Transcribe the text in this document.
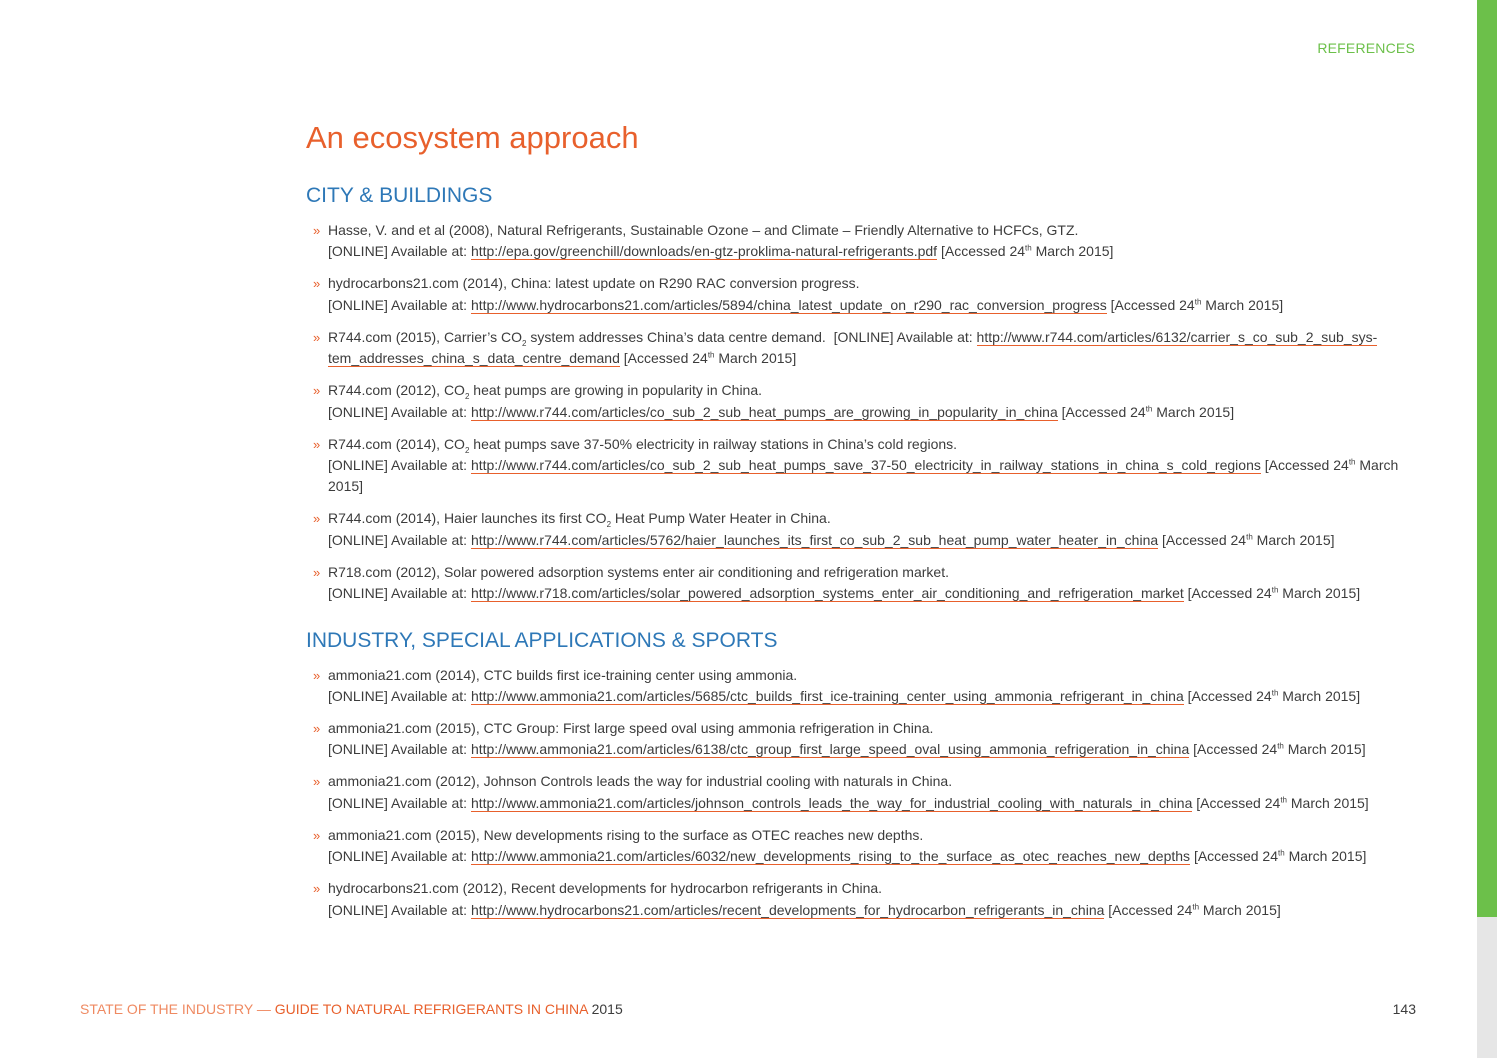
REFERENCES
An ecosystem approach
CITY & BUILDINGS
» Hasse, V. and et al (2008), Natural Refrigerants, Sustainable Ozone – and Climate – Friendly Alternative to HCFCs, GTZ.
[ONLINE] Available at: http://epa.gov/greenchill/downloads/en-gtz-proklima-natural-refrigerants.pdf [Accessed 24th March 2015]
» hydrocarbons21.com (2014), China: latest update on R290 RAC conversion progress.
[ONLINE] Available at: http://www.hydrocarbons21.com/articles/5894/china_latest_update_on_r290_rac_conversion_progress [Accessed 24th March 2015]
» R744.com (2015), Carrier’s $CO_2$ system addresses China’s data centre demand. [ONLINE] Available at: http://www.r744.com/articles/6132/carrier_s_co_sub_2_sub_sys-tem_addresses_china_s_data_centre_demand [Accessed 24th March 2015]
» R744.com (2012), $CO_2$ heat pumps are growing in popularity in China.
[ONLINE] Available at: http://www.r744.com/articles/co_sub_2_sub_heat_pumps_are_growing_in_popularity_in_china [Accessed 24th March 2015]
» R744.com (2014), $CO_2$ heat pumps save 37-50% electricity in railway stations in China’s cold regions.
[ONLINE] Available at: http://www.r744.com/articles/co_sub_2_sub_heat_pumps_save_37-50_electricity_in_railway_stations_in_china_s_cold_regions [Accessed 24th March 2015]
» R744.com (2014), Haier launches its first $CO_2$ Heat Pump Water Heater in China.
[ONLINE] Available at: http://www.r744.com/articles/5762/haier_launches_its_first_co_sub_2_sub_heat_pump_water_heater_in_china [Accessed 24th March 2015]
» R718.com (2012), Solar powered adsorption systems enter air conditioning and refrigeration market.
[ONLINE] Available at: http://www.r718.com/articles/solar_powered_adsorption_systems_enter_air_conditioning_and_refrigeration_market [Accessed 24th March 2015]
INDUSTRY, SPECIAL APPLICATIONS & SPORTS
» ammonia21.com (2014), CTC builds first ice-training center using ammonia.
[ONLINE] Available at: http://www.ammonia21.com/articles/5685/ctc_builds_first_ice-training_center_using_ammonia_refrigerant_in_china [Accessed 24th March 2015]
» ammonia21.com (2015), CTC Group: First large speed oval using ammonia refrigeration in China.
[ONLINE] Available at: http://www.ammonia21.com/articles/6138/ctc_group_first_large_speed_oval_using_ammonia_refrigeration_in_china [Accessed 24th March 2015]
» ammonia21.com (2012), Johnson Controls leads the way for industrial cooling with naturals in China.
[ONLINE] Available at: http://www.ammonia21.com/articles/johnson_controls_leads_the_way_for_industrial_cooling_with_naturals_in_china [Accessed 24th March 2015]
» ammonia21.com (2015), New developments rising to the surface as OTEC reaches new depths.
[ONLINE] Available at: http://www.ammonia21.com/articles/6032/new_developments_rising_to_the_surface_as_otec_reaches_new_depths [Accessed 24th March 2015]
» hydrocarbons21.com (2012), Recent developments for hydrocarbon refrigerants in China.
[ONLINE] Available at: http://www.hydrocarbons21.com/articles/recent_developments_for_hydrocarbon_refrigerants_in_china [Accessed 24th March 2015]
STATE OF THE INDUSTRY — GUIDE TO NATURAL REFRIGERANTS IN CHINA 2015	143
